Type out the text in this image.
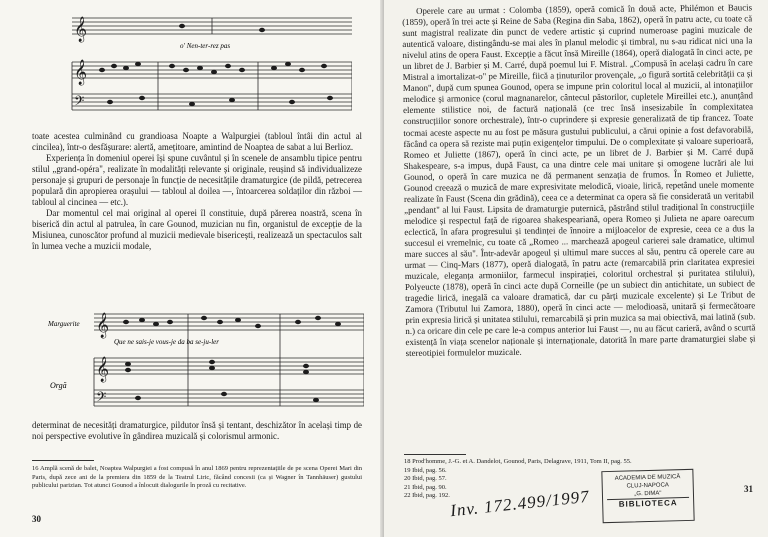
𝄞
𝄞
𝄢
o' Nen-ter-rez pas

toate acestea culminând cu grandioasa Noapte a Walpurgiei (tabloul întâi din actul al cincilea), într-o desfășurare: alertă, amețitoare, amintind de Noaptea de sabat a lui Berlioz.

Experiența în domeniul operei își spune cuvântul și în scenele de ansamblu tipice pentru stilul „grand-opéra", realizate în modalități relevante și originale, reușind să individualizeze personaje și grupuri de personaje în funcție de necesitățile dramaturgice (de pildă, petrecerea populară din apropierea orașului — tabloul al doilea —, întoarcerea soldaților din război — tabloul al cincinea — etc.).

Dar momentul cel mai original al operei îl constituie, după părerea noastră, scena în biserică din actul al patrulea, în care Gounod, muzician nu fin, organistul de excepție de la Misiunea, cunoscător profund al muzicii medievale bisericești, realizează un spectaculos salt în lumea veche a muzicii modale,

𝄞
𝄞
𝄢
Marguerite
Que ne sais-je vous-je da ba se-ju-ler
Orgă

determinat de necesități dramaturgice, pildutor însă și tentant, deschizător în același timp de noi perspective evolutive în gândirea muzicală și colorismul armonic.

16 Amplă scenă de balet, Noaptea Walpurgiei a fost compusă în anul 1869 pentru reprezentațiile de pe scena Operei Mari din Paris, după zece ani de la premiera din 1859 de la Teatrul Liric, făcând concesii (ca și Wagner în Tannhäuser) gustului publicului parizian. Tot atunci Gounod a înlocuit dialogurile în proză cu recitative.

30

Operele care au urmat : Colomba (1859), operă comică în două acte, Philémon et Baucis (1859), operă în trei acte și Reine de Saba (Regina din Saba, 1862), operă în patru acte, cu toate că sunt magistral realizate din punct de vedere artistic și cuprind numeroase pagini muzicale de autentică valoare, distingându-se mai ales în planul melodic și timbral, nu s-au ridicat nici una la nivelul atins de opera Faust. Excepție a făcut însă Mireille (1864), operă dialogată în cinci acte, pe un libret de J. Barbier și M. Carré, după poemul lui F. Mistral. „Compusă în același cadru în care Mistral a imortalizat-o" pe Mireille, fiică a ținuturilor provençale, „o figură sortită celebrității ca și Manon", după cum spunea Gounod, opera se impune prin coloritul local al muzicii, al intonațiilor melodice și armonice (corul magnanarelor, cântecul păstorilor, cupletele Mireillei etc.), anunțând elemente stilistice noi, de factură națională (ce trec însă insesizabile în complexitatea construcțiilor sonore orchestrale), într-o cuprindere și expresie generalizată de tip francez. Toate tocmai aceste aspecte nu au fost pe măsura gustului publicului, a cărui opinie a fost defavorabilă, făcând ca opera să reziste mai puțin exigențelor timpului. De o complexitate și valoare superioară, Romeo et Juliette (1867), operă în cinci acte, pe un libret de J. Barbier și M. Carré după Shakespeare, s-a impus, după Faust, ca una dintre cele mai unitare și omogene lucrări ale lui Gounod, o operă în care muzica ne dă permanent senzația de frumos. În Romeo et Juliette, Gounod creează o muzică de mare expresivitate melodică, vioaie, lirică, repetând unele momente realizate în Faust (Scena din grădină), ceea ce a determinat ca opera să fie considerată un veritabil „pendant" al lui Faust. Lipsita de dramaturgie puternică, păstrând stilul tradițional în construcțiile melodice și respectul față de rigoarea shakespeariană, opera Romeo și Julieta ne apare oarecum eclectică, în afara progresului și tendinței de înnoire a mijloacelor de expresie, ceea ce a dus la succesul ei vremelnic, cu toate că „Romeo ... marchează apogeul carierei sale dramatice, ultimul mare succes al său". Într-adevăr apogeul și ultimul mare succes al său, pentru că operele care au urmat — Cinq-Mars (1877), operă dialogată, în patru acte (remarcabilă prin claritatea expresiei muzicale, eleganța armoniilor, farmecul inspirației, coloritul orchestral și puritatea stilului), Polyeucte (1878), operă în cinci acte după Corneille (pe un subiect din antichitate, un subiect de tragedie lirică, inegală ca valoare dramatică, dar cu părți muzicale excelente) și Le Tribut de Zamora (Tributul lui Zamora, 1880), operă în cinci acte — melodioasă, unitară și fermecătoare prin expresia lirică și unitatea stilului, remarcabilă și prin muzica sa mai obiectivă, mai latină (sub. n.) ca oricare din cele pe care le-a compus anterior lui Faust —, nu au făcut carieră, având o scurtă existență în viața scenelor naționale și internaționale, datorită în mare parte dramaturgiei slabe și stereotipiei formulelor muzicale.

18 Prod'homme, J.-G. et A. Dandelot, Gounod, Paris, Delagrave, 1911, Tom II, pag. 55.
19 Ibid, pag. 56.
20 Ibid, pag. 57.
21 Ibid, pag. 90.
22 Ibid, pag. 192.
ACADEMIA DE MUZICĂ
CLUJ-NAPOCA
„G. DIMA"
BIBLIOTECA
Inv. 172.499/1997	31
